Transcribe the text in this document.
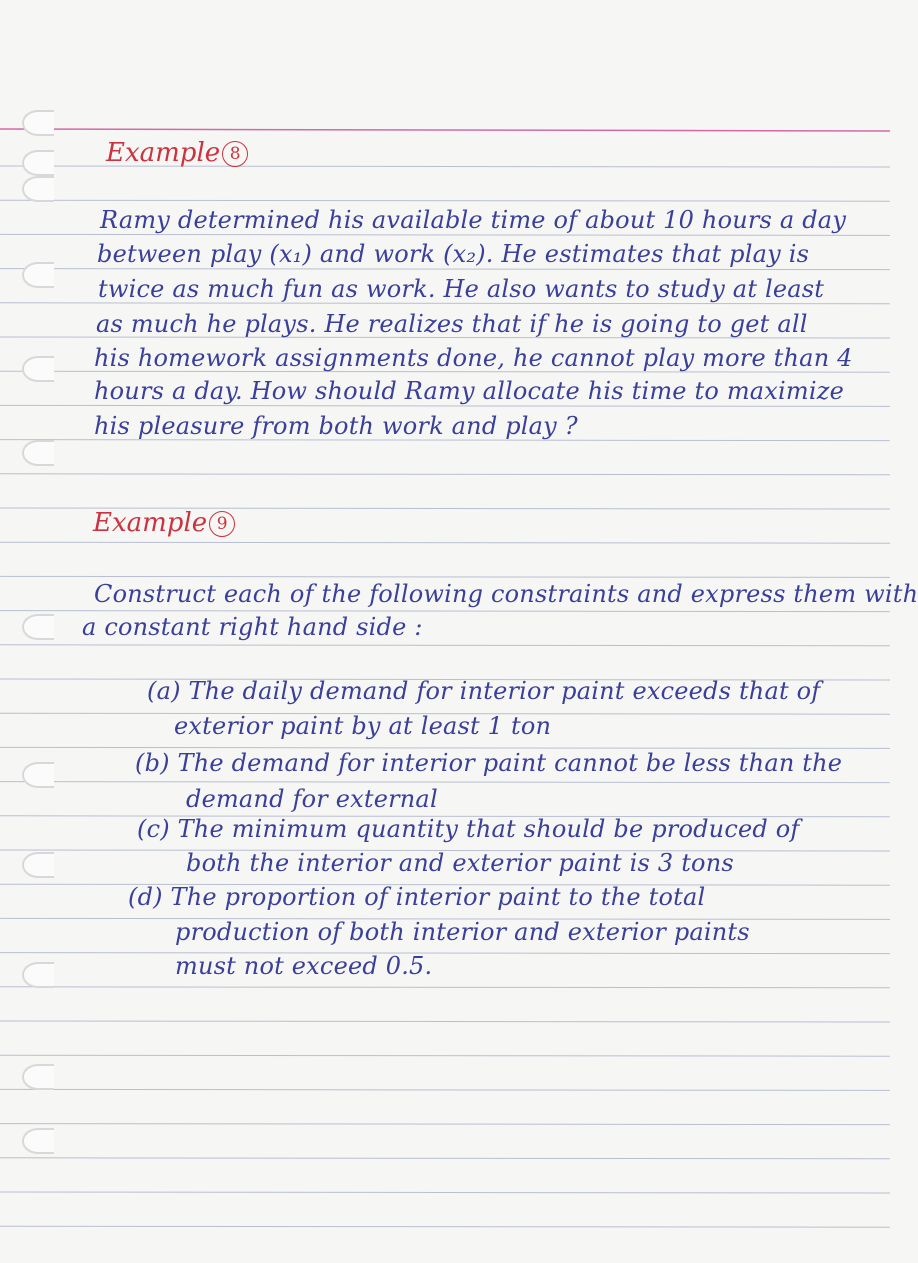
Example 8
Ramy determined his available time of about 10 hours a day
between play (x₁) and work (x₂). He estimates that play is
twice as much fun as work. He also wants to study at least
as much he plays. He realizes that if he is going to get all
his homework assignments done, he cannot play more than 4
hours a day. How should Ramy allocate his time to maximize
his pleasure from both work and play ?
Example 9
Construct each of the following constraints and express them with
a constant right hand side :
(a) The daily demand for interior paint exceeds that of
exterior paint by at least 1 ton
(b) The demand for interior paint cannot be less than the
demand for external
(c) The minimum quantity that should be produced of
both the interior and exterior paint is 3 tons
(d) The proportion of interior paint to the total
production of both interior and exterior paints
must not exceed 0.5.
